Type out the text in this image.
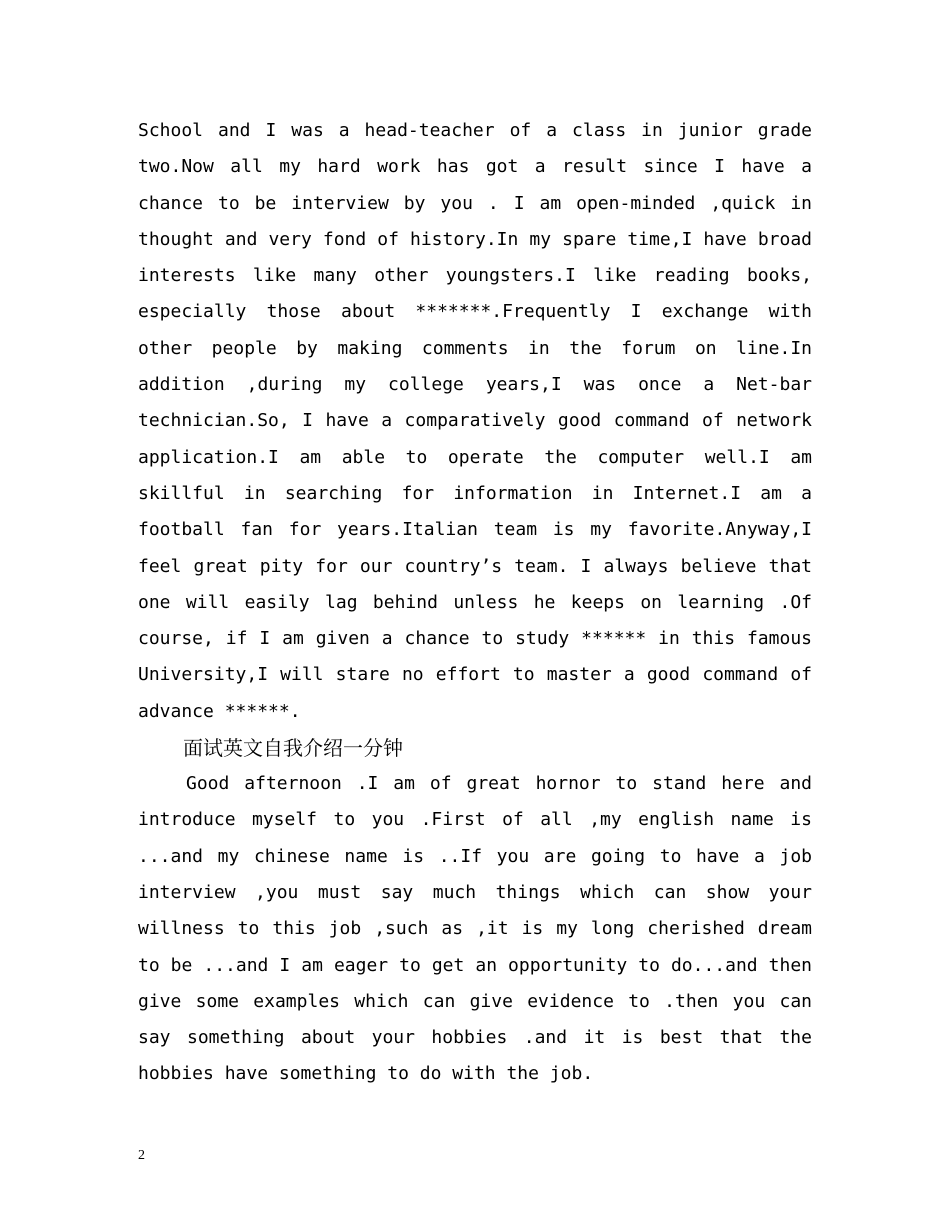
School and I was a head-teacher of a class in junior grade two.Now all my hard work has got a result since I have a chance to be interview by you . I am open-minded ,quick in thought and very fond of history.In my spare time,I have broad interests like many other youngsters.I like reading books, especially those about *******.Frequently I exchange with other people by making comments in the forum on line.In addition ,during my college years,I was once a Net-bar technician.So, I have a comparatively good command of network application.I am able to operate the computer well.I am skillful in searching for information in Internet.I am a football fan for years.Italian team is my favorite.Anyway,I feel great pity for our country’s team. I always believe that one will easily lag behind unless he keeps on learning .Of course, if I am given a chance to study ****** in this famous University,I will stare no effort to master a good command of advance ******.

面试英文自我介绍一分钟

Good afternoon .I am of great hornor to stand here and introduce myself to you .First of all ,my english name is ...and my chinese name is ..If you are going to have a job interview ,you must say much things which can show your willness to this job ,such as ,it is my long cherished dream to be ...and I am eager to get an opportunity to do...and then give some examples which can give evidence to .then you can say something about your hobbies .and it is best that the hobbies have something to do with the job.

2
